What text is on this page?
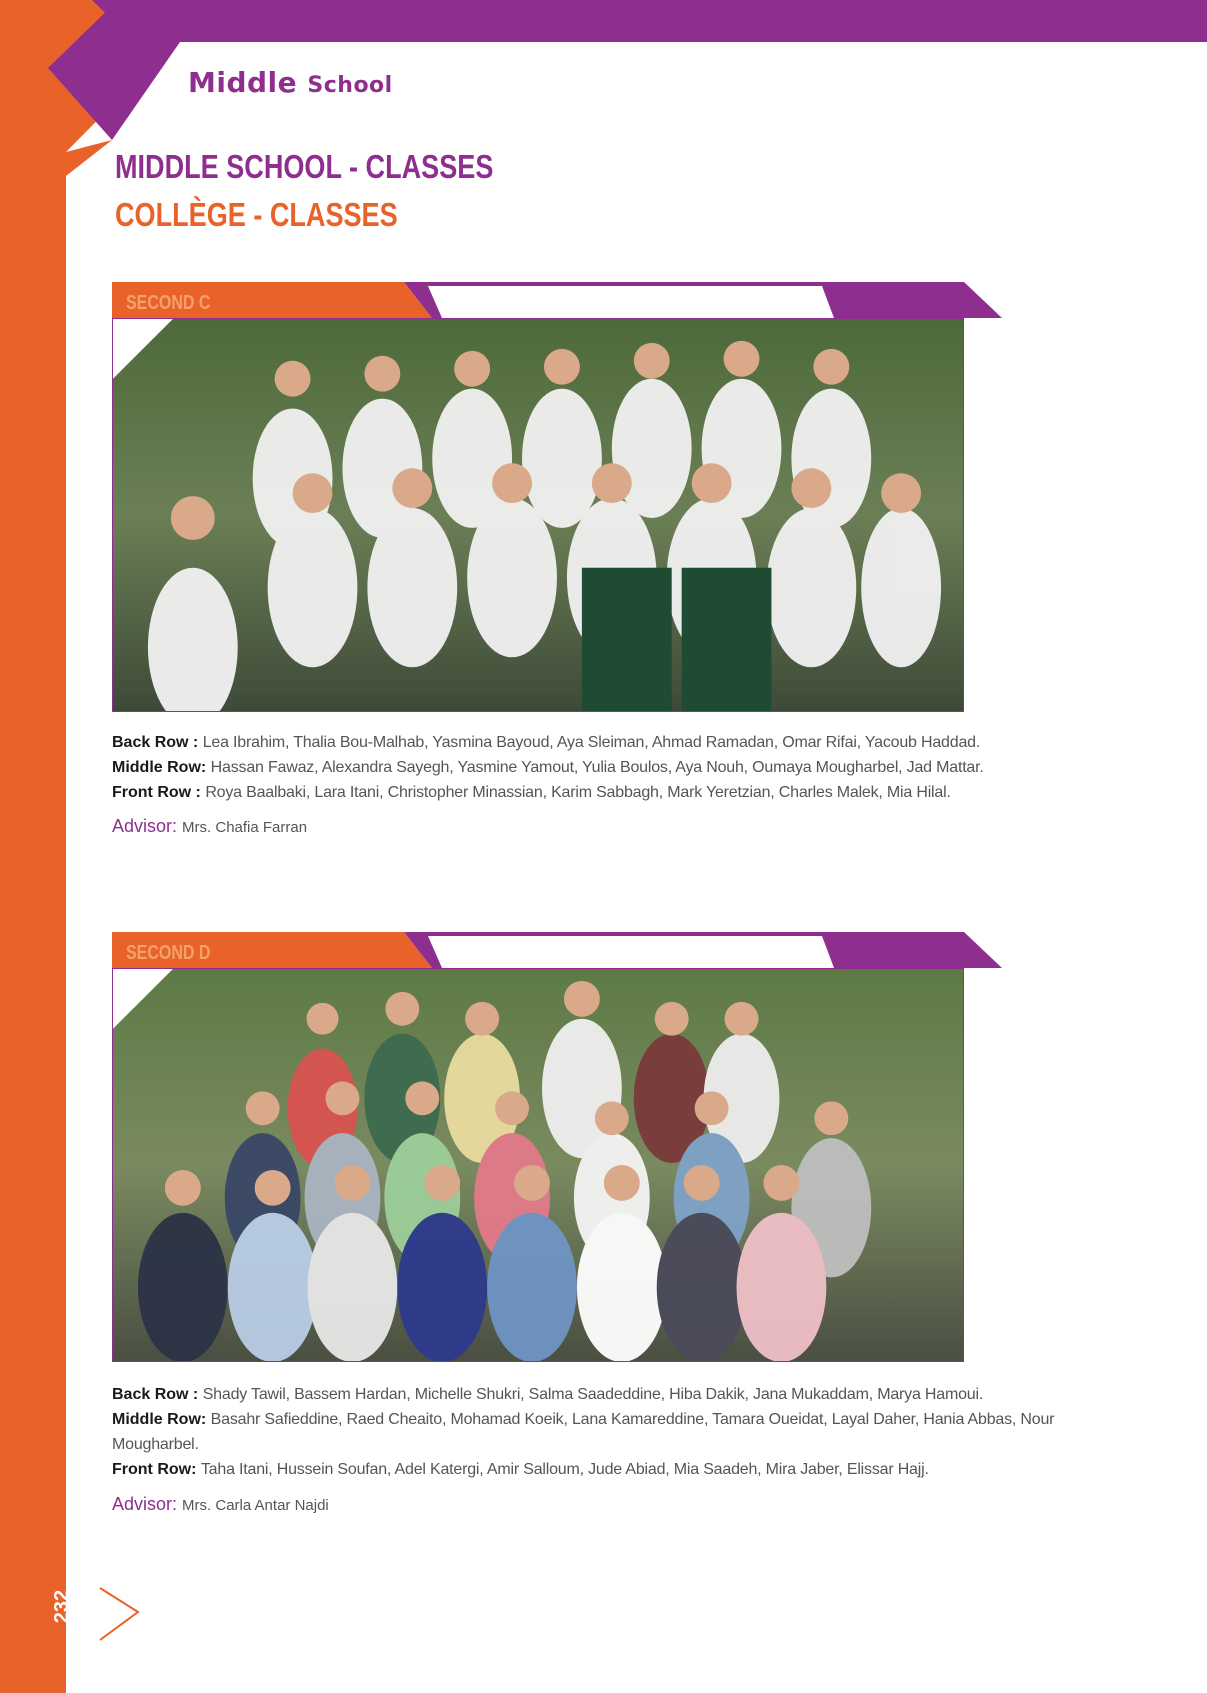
Middle School
MIDDLE SCHOOL - CLASSES
COLLÈGE - CLASSES
SECOND C
Back Row : Lea Ibrahim, Thalia Bou-Malhab, Yasmina Bayoud, Aya Sleiman, Ahmad Ramadan, Omar Rifai, Yacoub Haddad.
Middle Row: Hassan Fawaz, Alexandra Sayegh, Yasmine Yamout, Yulia Boulos, Aya Nouh, Oumaya Mougharbel, Jad Mattar.
Front Row : Roya Baalbaki, Lara Itani, Christopher Minassian, Karim Sabbagh, Mark Yeretzian, Charles Malek, Mia Hilal.
Advisor: Mrs. Chafia Farran
SECOND D
Back Row : Shady Tawil, Bassem Hardan, Michelle Shukri, Salma Saadeddine, Hiba Dakik, Jana Mukaddam, Marya Hamoui.
Middle Row: Basahr Safieddine, Raed Cheaito, Mohamad Koeik, Lana Kamareddine, Tamara Oueidat, Layal Daher, Hania Abbas, Nour Mougharbel.
Front Row: Taha Itani, Hussein Soufan, Adel Katergi, Amir Salloum, Jude Abiad, Mia Saadeh, Mira Jaber, Elissar Hajj.
Advisor: Mrs. Carla Antar Najdi
232
